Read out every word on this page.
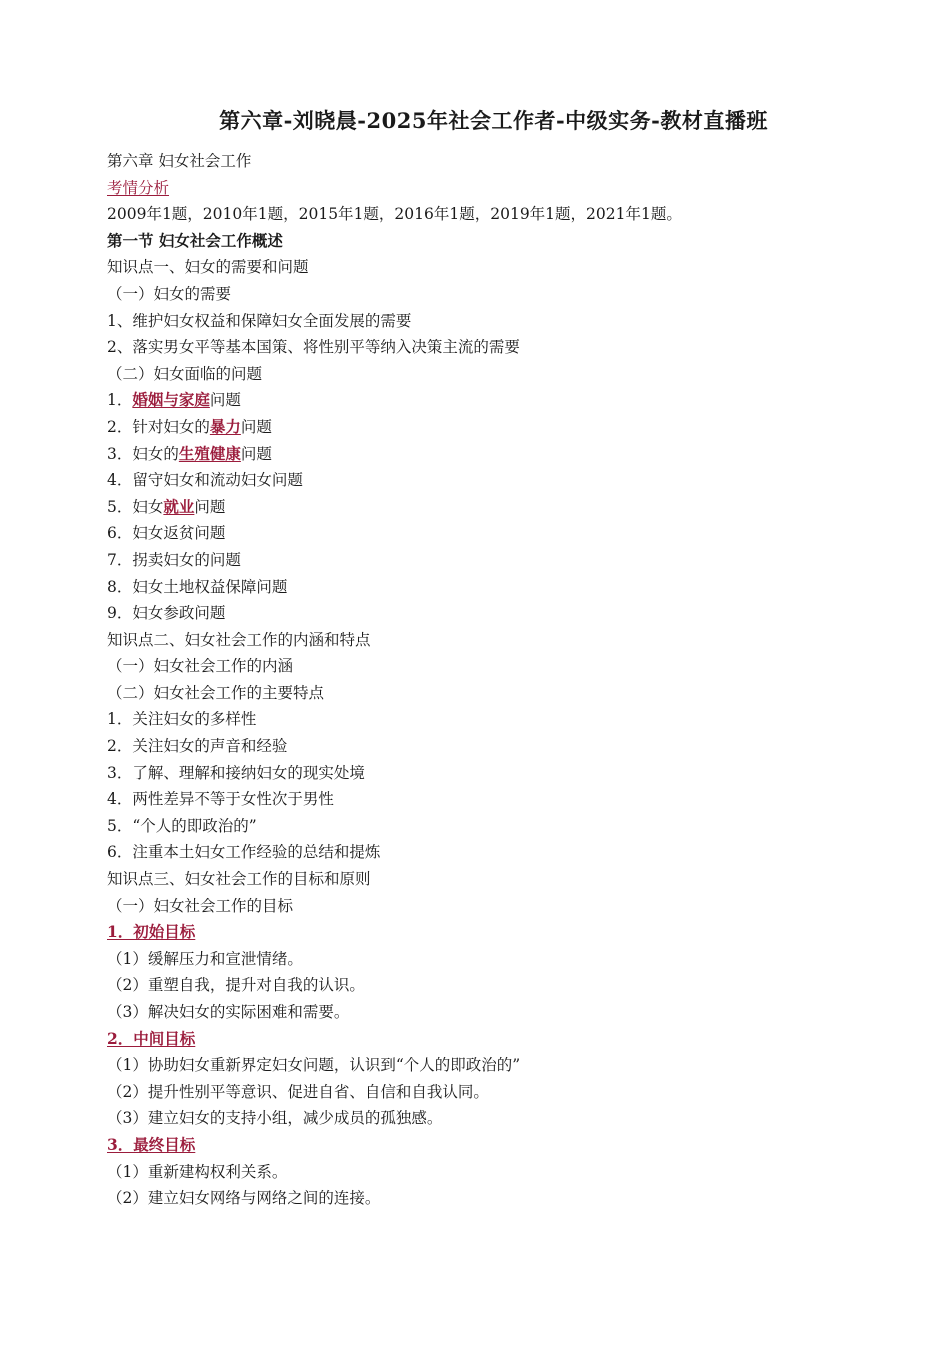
第六章-刘晓晨-2025年社会工作者-中级实务-教材直播班
第六章 妇女社会工作
考情分析
2009年1题，2010年1题，2015年1题，2016年1题，2019年1题，2021年1题。
第一节 妇女社会工作概述
知识点一、妇女的需要和问题
（一）妇女的需要
1、维护妇女权益和保障妇女全面发展的需要
2、落实男女平等基本国策、将性别平等纳入决策主流的需要
（二）妇女面临的问题
1．婚姻与家庭问题
2．针对妇女的暴力问题
3．妇女的生殖健康问题
4．留守妇女和流动妇女问题
5．妇女就业问题
6．妇女返贫问题
7．拐卖妇女的问题
8．妇女土地权益保障问题
9．妇女参政问题
知识点二、妇女社会工作的内涵和特点
（一）妇女社会工作的内涵
（二）妇女社会工作的主要特点
1．关注妇女的多样性
2．关注妇女的声音和经验
3．了解、理解和接纳妇女的现实处境
4．两性差异不等于女性次于男性
5．“个人的即政治的”
6．注重本土妇女工作经验的总结和提炼
知识点三、妇女社会工作的目标和原则
（一）妇女社会工作的目标
1．初始目标
（1）缓解压力和宣泄情绪。
（2）重塑自我，提升对自我的认识。
（3）解决妇女的实际困难和需要。
2．中间目标
（1）协助妇女重新界定妇女问题，认识到“个人的即政治的”
（2）提升性别平等意识、促进自省、自信和自我认同。
（3）建立妇女的支持小组，减少成员的孤独感。
3．最终目标
（1）重新建构权利关系。
（2）建立妇女网络与网络之间的连接。
